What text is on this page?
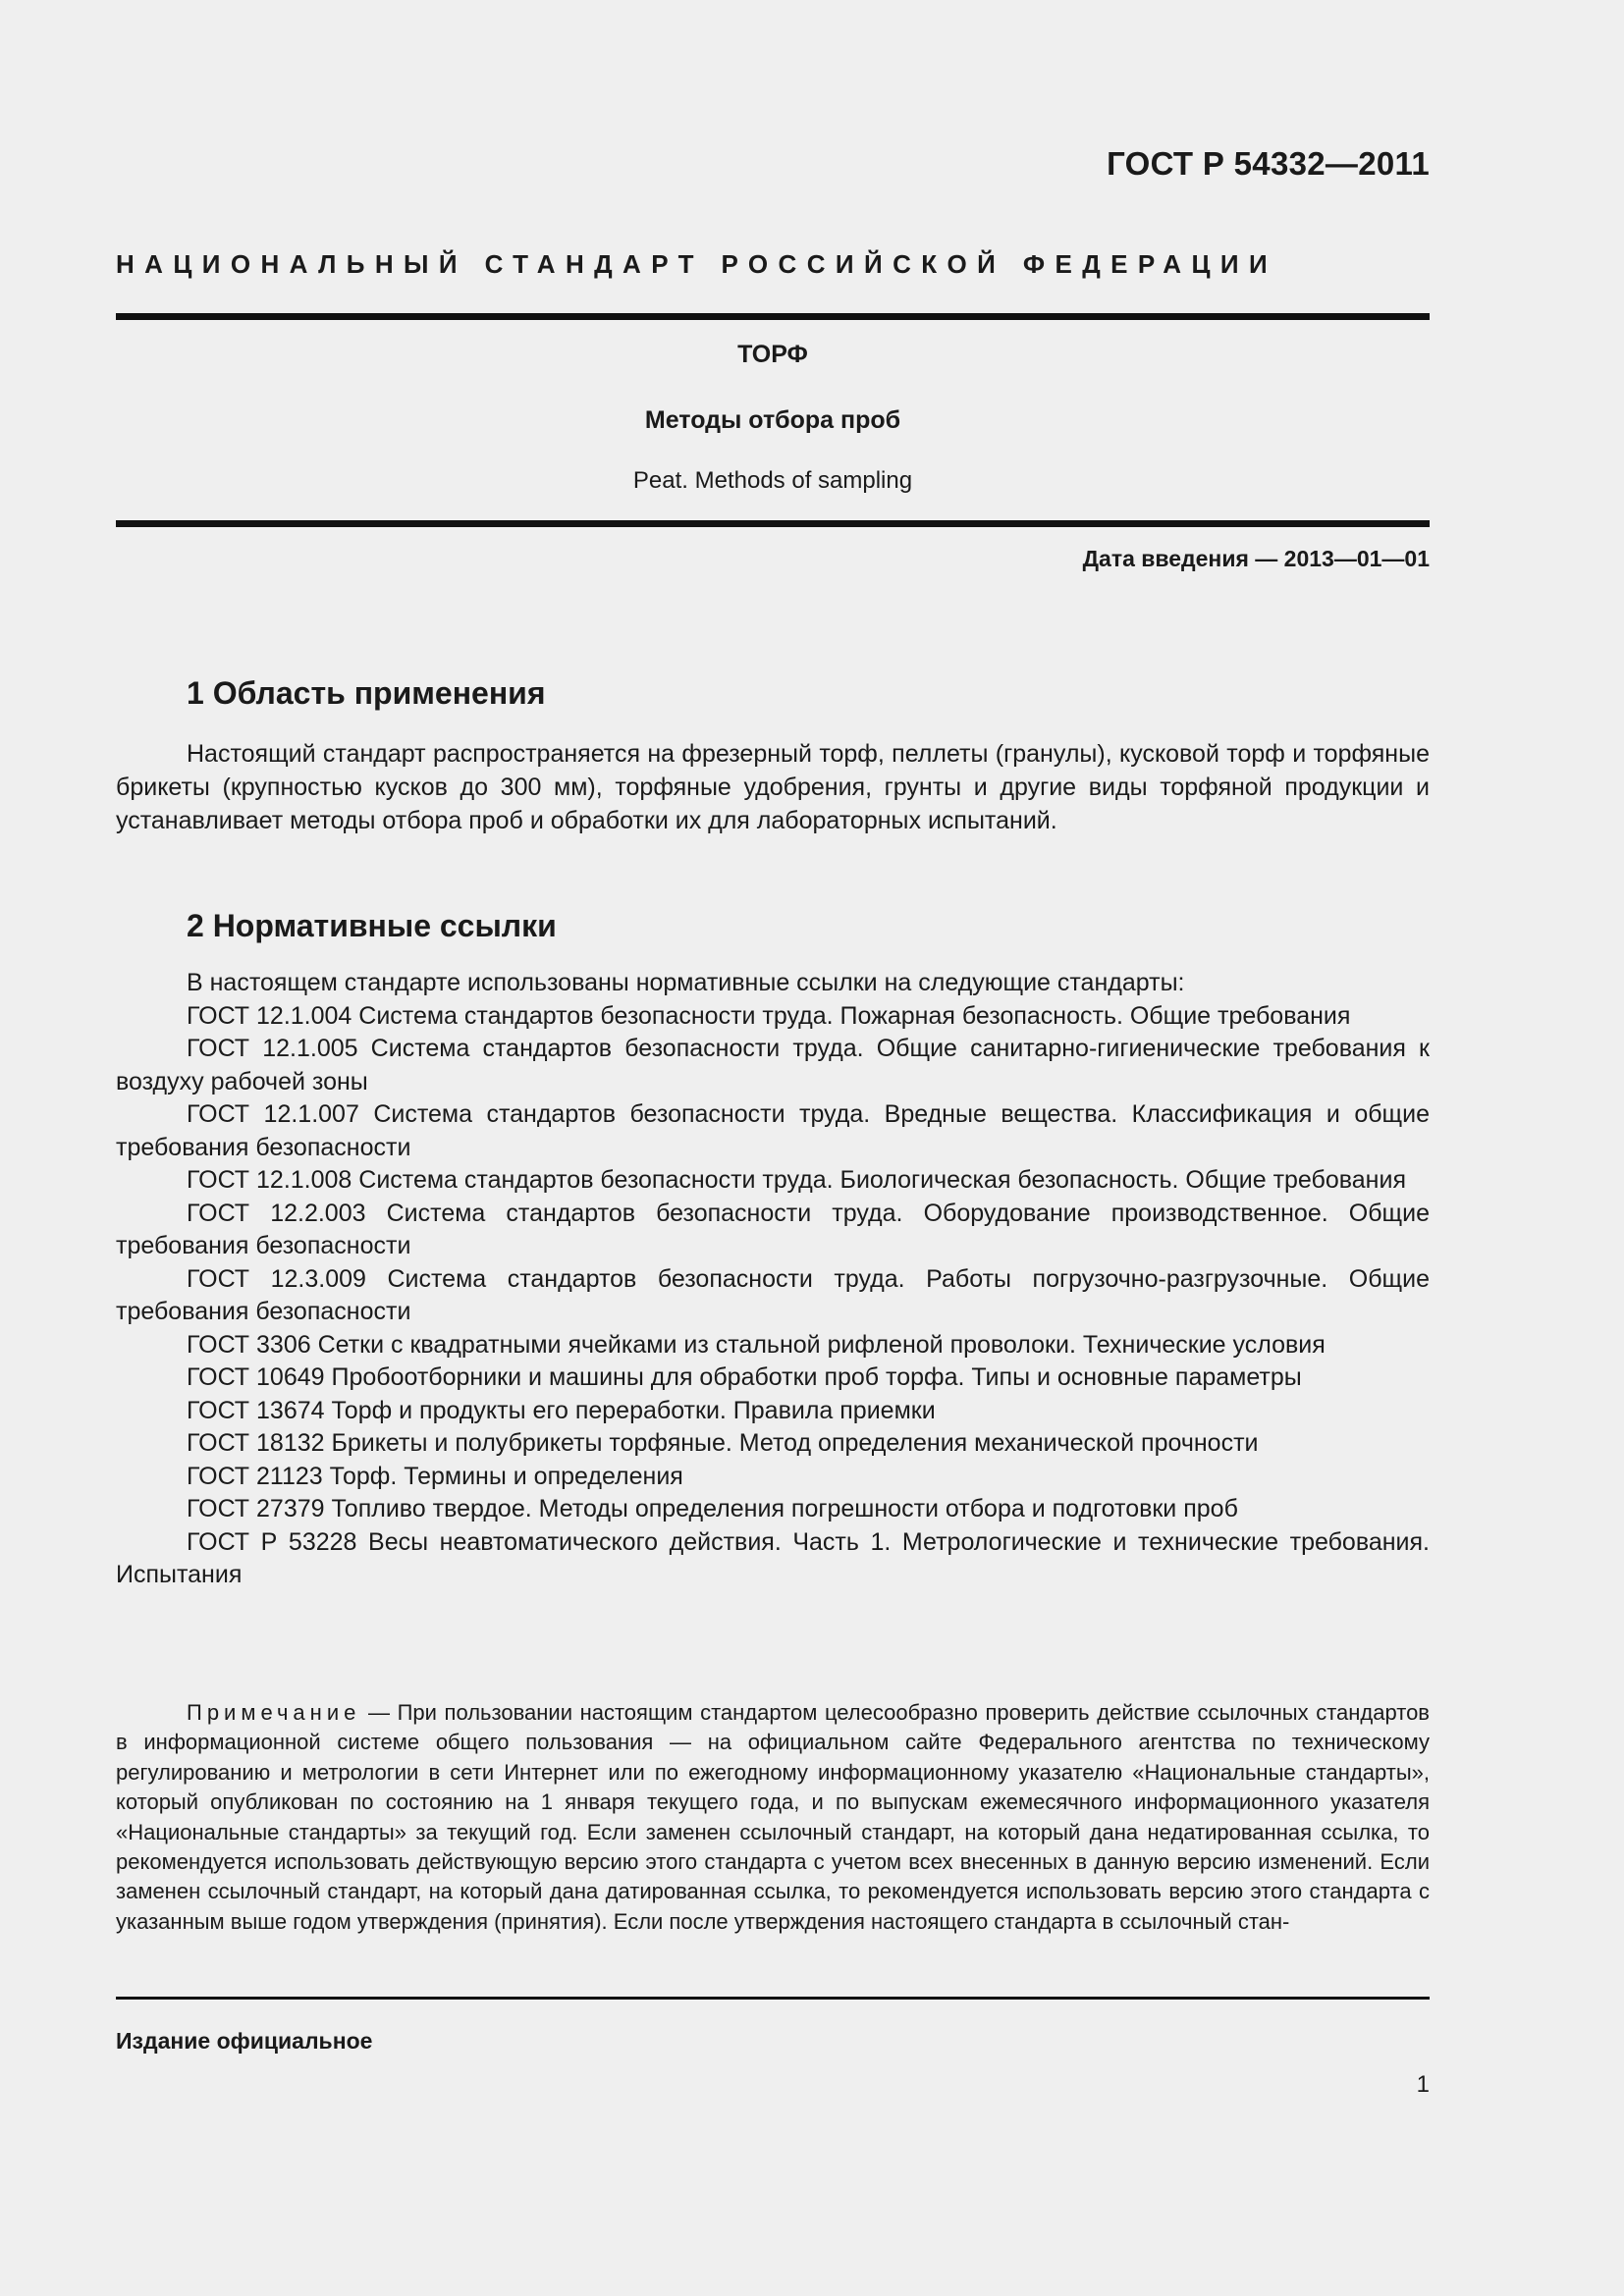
ГОСТ Р 54332—2011
НАЦИОНАЛЬНЫЙ СТАНДАРТ РОССИЙСКОЙ ФЕДЕРАЦИИ
ТОРФ
Методы отбора проб
Peat. Methods of sampling
Дата введения — 2013—01—01
1 Область применения
Настоящий стандарт распространяется на фрезерный торф, пеллеты (гранулы), кусковой торф и торфяные брикеты (крупностью кусков до 300 мм), торфяные удобрения, грунты и другие виды торфяной продукции и устанавливает методы отбора проб и обработки их для лабораторных испытаний.
2 Нормативные ссылки

В настоящем стандарте использованы нормативные ссылки на следующие стандарты:

ГОСТ 12.1.004 Система стандартов безопасности труда. Пожарная безопасность. Общие требования

ГОСТ 12.1.005 Система стандартов безопасности труда. Общие санитарно-гигиенические требования к воздуху рабочей зоны

ГОСТ 12.1.007 Система стандартов безопасности труда. Вредные вещества. Классификация и общие требования безопасности

ГОСТ 12.1.008 Система стандартов безопасности труда. Биологическая безопасность. Общие требования

ГОСТ 12.2.003 Система стандартов безопасности труда. Оборудование производственное. Общие требования безопасности

ГОСТ 12.3.009 Система стандартов безопасности труда. Работы погрузочно-разгрузочные. Общие требования безопасности

ГОСТ 3306 Сетки с квадратными ячейками из стальной рифленой проволоки. Технические условия

ГОСТ 10649 Пробоотборники и машины для обработки проб торфа. Типы и основные параметры

ГОСТ 13674 Торф и продукты его переработки. Правила приемки

ГОСТ 18132 Брикеты и полубрикеты торфяные. Метод определения механической прочности

ГОСТ 21123 Торф. Термины и определения

ГОСТ 27379 Топливо твердое. Методы определения погрешности отбора и подготовки проб

ГОСТ Р 53228 Весы неавтоматического действия. Часть 1. Метрологические и технические требования. Испытания

Примечание — При пользовании настоящим стандартом целесообразно проверить действие ссылочных стандартов в информационной системе общего пользования — на официальном сайте Федерального агентства по техническому регулированию и метрологии в сети Интернет или по ежегодному информационному указателю «Национальные стандарты», который опубликован по состоянию на 1 января текущего года, и по выпускам ежемесячного информационного указателя «Национальные стандарты» за текущий год. Если заменен ссылочный стандарт, на который дана недатированная ссылка, то рекомендуется использовать действующую версию этого стандарта с учетом всех внесенных в данную версию изменений. Если заменен ссылочный стандарт, на который дана датированная ссылка, то рекомендуется использовать версию этого стандарта с указанным выше годом утверждения (принятия). Если после утверждения настоящего стандарта в ссылочный стан-
Издание официальное
1
